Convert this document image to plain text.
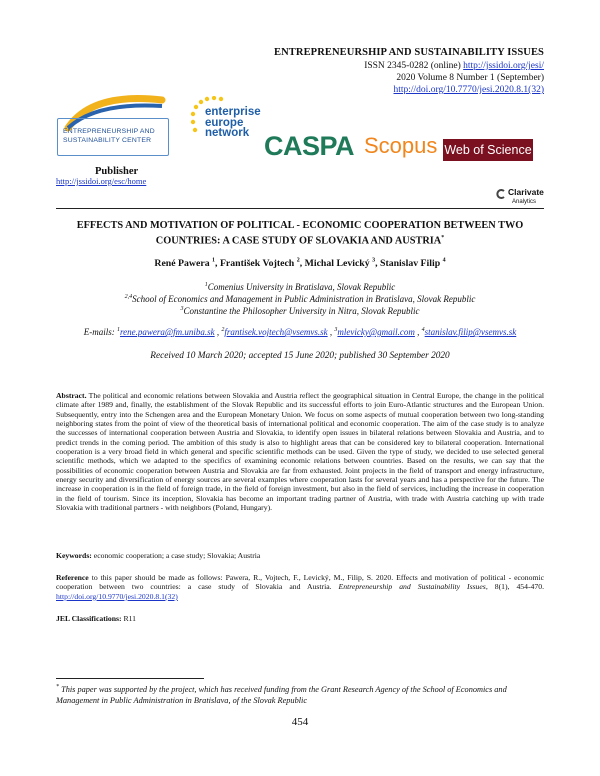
ENTREPRENEURSHIP AND SUSTAINABILITY ISSUES
ISSN 2345-0282 (online) http://jssidoi.org/jesi/
2020 Volume 8 Number 1 (September)
http://doi.org/10.7770/jesi.2020.8.1(32)
ENTREPRENEURSHIP AND
SUSTAINABILITY CENTER
Publisher
http://jssidoi.org/esc/home
enterprise
europe
network CASPA Scopus Web of Science
Clarivate
Analytics
EFFECTS AND MOTIVATION OF POLITICAL - ECONOMIC COOPERATION BETWEEN TWO
COUNTRIES: A CASE STUDY OF SLOVAKIA AND AUSTRIA*
René Pawera $^1$, František Vojtech $^2$, Michal Levický $^3$, Stanislav Filip $^4$
$^1$Comenius University in Bratislava, Slovak Republic
$^{2,4}$School of Economics and Management in Public Administration in Bratislava, Slovak Republic
$^3$Constantine the Philosopher University in Nitra, Slovak Republic
E-mails: $^1$rene.pawera@fm.uniba.sk , $^2$frantisek.vojtech@vsemvs.sk , $^3$mlevicky@gmail.com , $^4$stanislav.filip@vsemvs.sk
Received 10 March 2020; accepted 15 June 2020; published 30 September 2020
Abstract. The political and economic relations between Slovakia and Austria reflect the geographical situation in Central Europe, the change in the political climate after 1989 and, finally, the establishment of the Slovak Republic and its successful efforts to join Euro-Atlantic structures and the European Union. Subsequently, entry into the Schengen area and the European Monetary Union. We focus on some aspects of mutual cooperation between two long-standing neighboring states from the point of view of the theoretical basis of international political and economic cooperation. The aim of the case study is to analyze the successes of international cooperation between Austria and Slovakia, to identify open issues in bilateral relations between Slovakia and Austria, and to predict trends in the coming period. The ambition of this study is also to highlight areas that can be considered key to bilateral cooperation. International cooperation is a very broad field in which general and specific scientific methods can be used. Given the type of study, we decided to use selected general scientific methods, which we adapted to the specifics of examining economic relations between countries. Based on the results, we can say that the possibilities of economic cooperation between Austria and Slovakia are far from exhausted. Joint projects in the field of transport and energy infrastructure, energy security and diversification of energy sources are several examples where cooperation lasts for several years and has a perspective for the future. The increase in cooperation is in the field of foreign trade, in the field of foreign investment, but also in the field of services, including the increase in cooperation in the field of tourism. Since its inception, Slovakia has become an important trading partner of Austria, with trade with Austria catching up with trade Slovakia with traditional partners - with neighbors (Poland, Hungary).
Keywords: economic cooperation; a case study; Slovakia; Austria
Reference to this paper should be made as follows: Pawera, R., Vojtech, F., Levický, M., Filip, S. 2020. Effects and motivation of political - economic cooperation between two countries: a case study of Slovakia and Austria. Entrepreneurship and Sustainability Issues, 8(1), 454-470. http://doi.org/10.9770/jesi.2020.8.1(32)
JEL Classifications: R11
* This paper was supported by the project, which has received funding from the Grant Research Agency of the School of Economics and Management in Public Administration in Bratislava, of the Slovak Republic
454
